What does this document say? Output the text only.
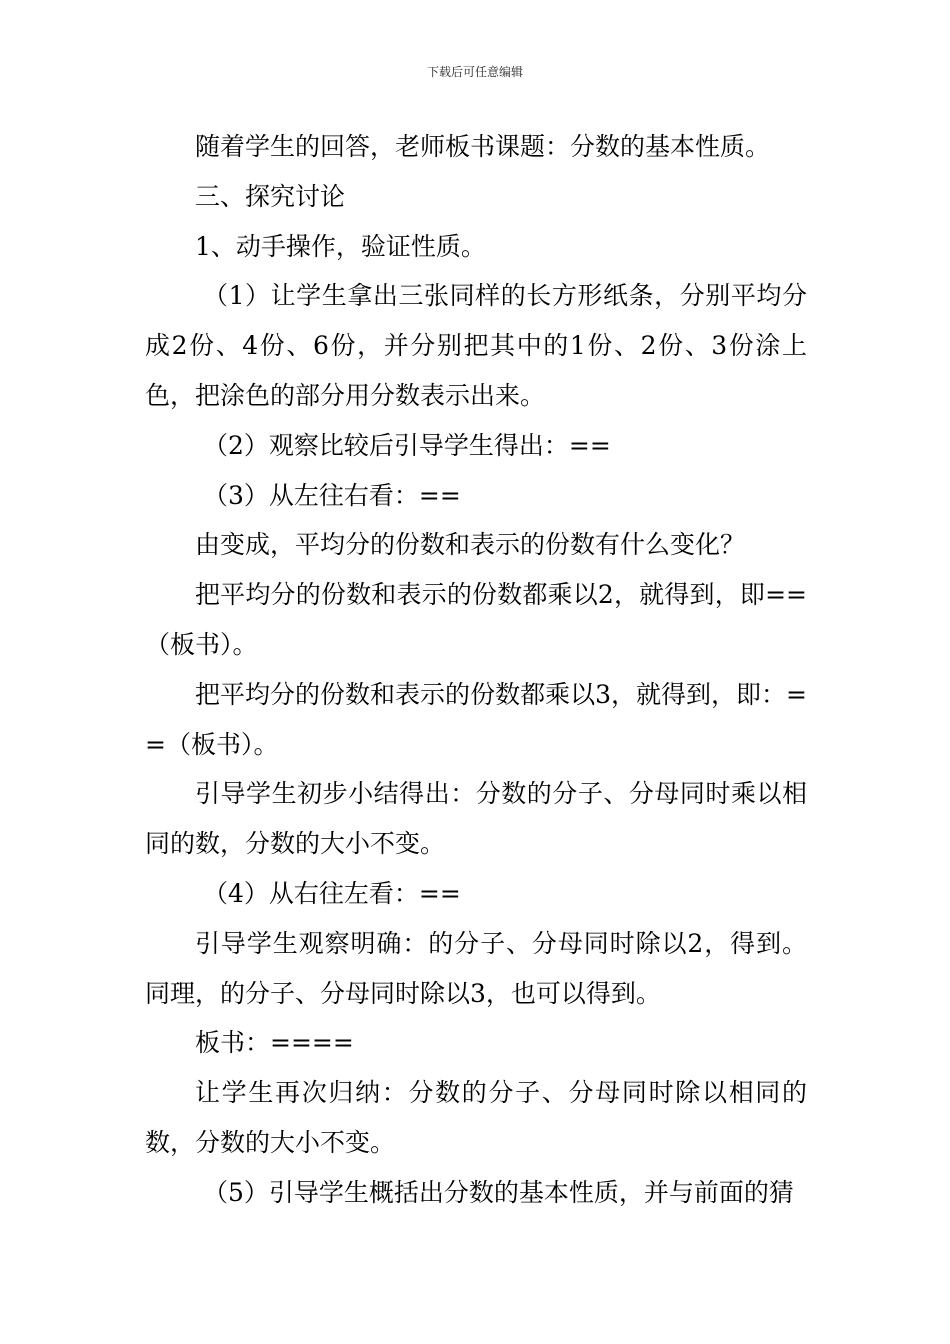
下载后可任意编辑

随着学生的回答，老师板书课题：分数的基本性质。

三、探究讨论

1、动手操作，验证性质。

（1）让学生拿出三张同样的长方形纸条，分别平均分成2份、4份、6份，并分别把其中的1份、2份、3份涂上色，把涂色的部分用分数表示出来。

（2）观察比较后引导学生得出：==

（3）从左往右看：==

由变成，平均分的份数和表示的份数有什么变化？

把平均分的份数和表示的份数都乘以2，就得到，即==（板书）。

把平均分的份数和表示的份数都乘以3，就得到，即：==（板书）。

引导学生初步小结得出：分数的分子、分母同时乘以相同的数，分数的大小不变。

（4）从右往左看：==

引导学生观察明确：的分子、分母同时除以2，得到。同理，的分子、分母同时除以3，也可以得到。

板书：====

让学生再次归纳：分数的分子、分母同时除以相同的数，分数的大小不变。

（5）引导学生概括出分数的基本性质，并与前面的猜
